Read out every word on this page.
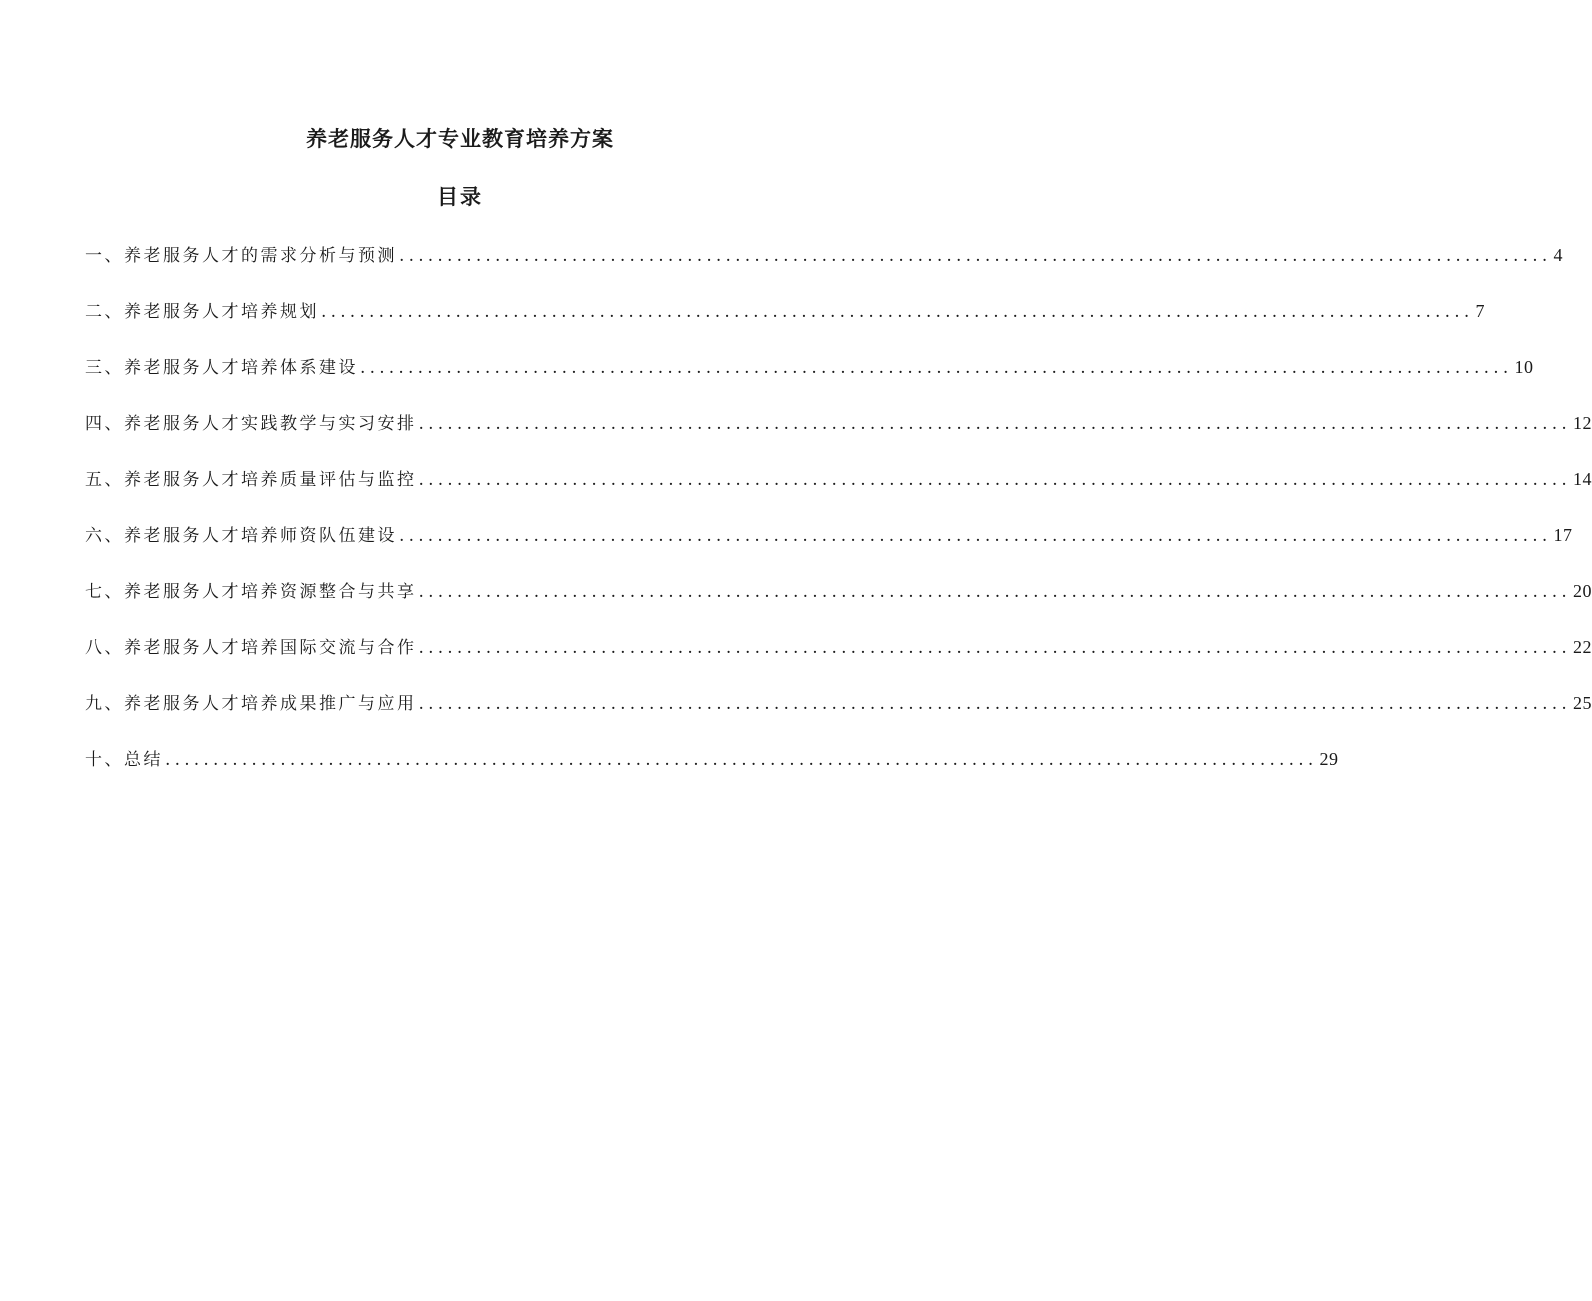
养老服务人才专业教育培养方案
目录
一、养老服务人才的需求分析与预测 ........................................................................................................................ 4
二、养老服务人才培养规划 ........................................................................................................................ 7
三、养老服务人才培养体系建设 ........................................................................................................................ 10
四、养老服务人才实践教学与实习安排 ........................................................................................................................ 12
五、养老服务人才培养质量评估与监控 ........................................................................................................................ 14
六、养老服务人才培养师资队伍建设 ........................................................................................................................ 17
七、养老服务人才培养资源整合与共享 ........................................................................................................................ 20
八、养老服务人才培养国际交流与合作 ........................................................................................................................ 22
九、养老服务人才培养成果推广与应用 ........................................................................................................................ 25
十、总结 ........................................................................................................................ 29
